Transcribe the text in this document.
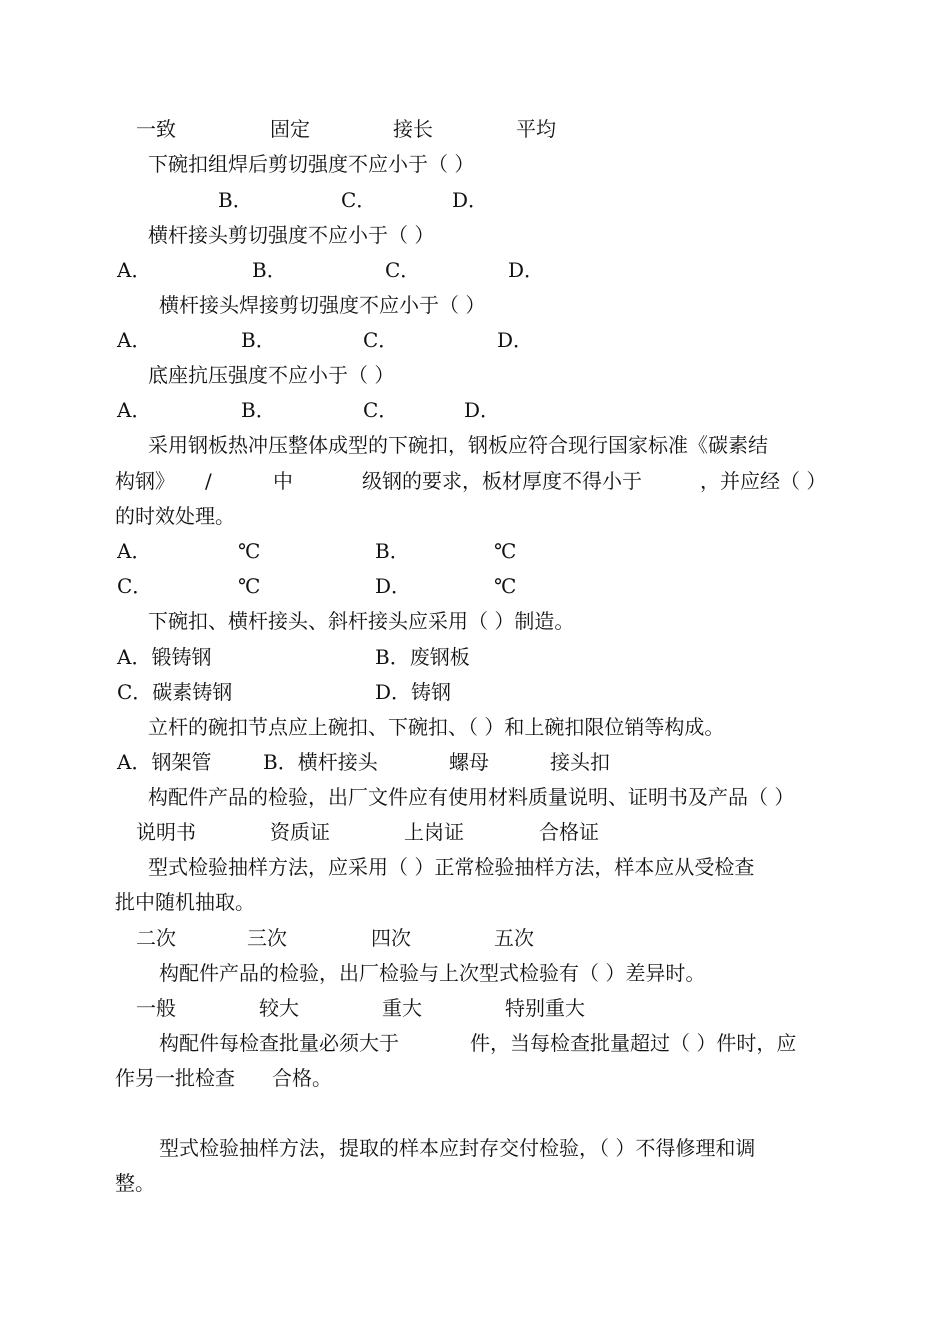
一致	固定	接长	平均
下碗扣组焊后剪切强度不应小于（ ）
B．	C．	D．
横杆接头剪切强度不应小于（ ）
A．	B．	C．	D．
横杆接头焊接剪切强度不应小于（ ）
A．	B．	C．	D．
底座抗压强度不应小于（ ）
A．	B．	C．	D．
采用钢板热冲压整体成型的下碗扣，钢板应符合现行国家标准《碳素结
构钢》 /	中	级钢的要求，板材厚度不得小于	，并应经（ ）
的时效处理。
A．	℃	B．	℃
C．	℃	D．	℃
下碗扣、横杆接头、斜杆接头应采用（ ）制造。
A．锻铸钢	B．废钢板
C．碳素铸钢	D．铸钢
立杆的碗扣节点应上碗扣、下碗扣、（ ）和上碗扣限位销等构成。
A．钢架管	B．横杆接头	螺母	接头扣
构配件产品的检验，出厂文件应有使用材料质量说明、证明书及产品（ ）
说明书	资质证	上岗证	合格证
型式检验抽样方法，应采用（ ）正常检验抽样方法，样本应从受检查
批中随机抽取。
二次	三次	四次	五次
构配件产品的检验，出厂检验与上次型式检验有（ ）差异时。
一般	较大	重大	特别重大
构配件每检查批量必须大于	件，当每检查批量超过（ ）件时，应
作另一批检查 合格。
型式检验抽样方法，提取的样本应封存交付检验，（ ）不得修理和调
整。
